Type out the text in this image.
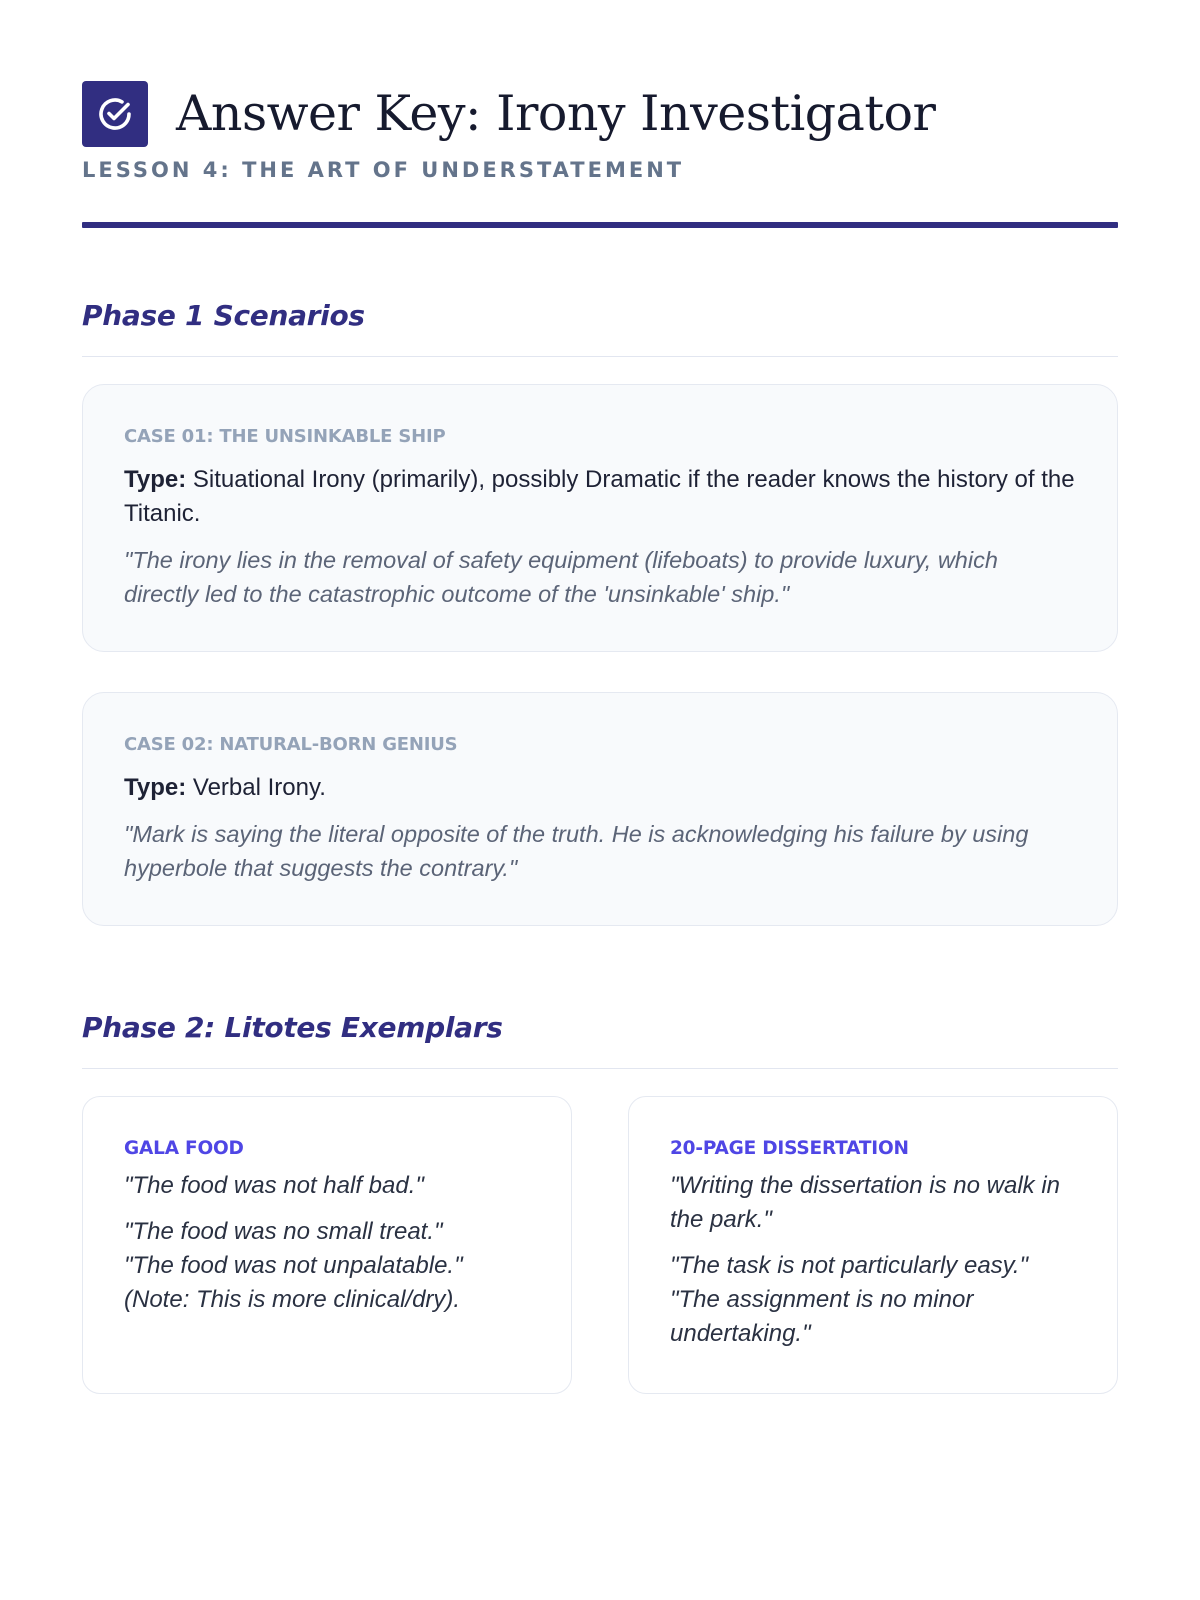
Answer Key: Irony Investigator
LESSON 4: THE ART OF UNDERSTATEMENT
Phase 1 Scenarios
CASE 01: THE UNSINKABLE SHIP
Type: Situational Irony (primarily), possibly Dramatic if the reader knows the history of the Titanic.
"The irony lies in the removal of safety equipment (lifeboats) to provide luxury, which directly led to the catastrophic outcome of the 'unsinkable' ship."
CASE 02: NATURAL-BORN GENIUS
Type: Verbal Irony.
"Mark is saying the literal opposite of the truth. He is acknowledging his failure by using hyperbole that suggests the contrary."
Phase 2: Litotes Exemplars
GALA FOOD
"The food was not half bad."
"The food was no small treat."
"The food was not unpalatable."
(Note: This is more clinical/dry).
20-PAGE DISSERTATION
"Writing the dissertation is no walk in the park."
"The task is not particularly easy."
"The assignment is no minor undertaking."
